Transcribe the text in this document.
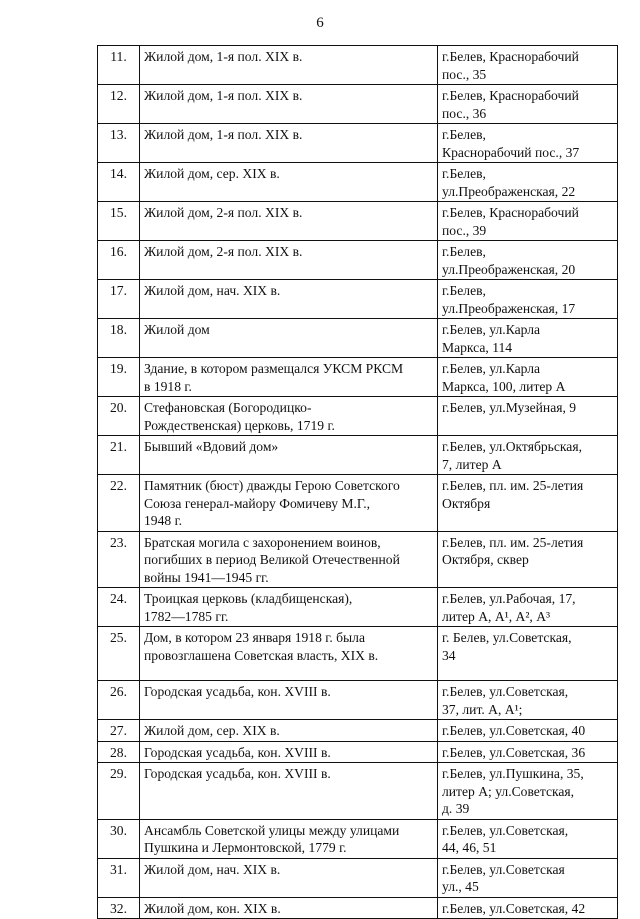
6
11.	Жилой дом, 1-я пол. XIX в.	г.Белев, Краснорабочий
пос., 35
12.	Жилой дом, 1-я пол. XIX в.	г.Белев, Краснорабочий
пос., 36
13.	Жилой дом, 1-я пол. XIX в.	г.Белев,
Краснорабочий пос., 37
14.	Жилой дом, сер. XIX в.	г.Белев,
ул.Преображенская, 22
15.	Жилой дом, 2-я пол. XIX в.	г.Белев, Краснорабочий
пос., 39
16.	Жилой дом, 2-я пол. XIX в.	г.Белев,
ул.Преображенская, 20
17.	Жилой дом, нач. XIX в.	г.Белев,
ул.Преображенская, 17
18.	Жилой дом	г.Белев, ул.Карла
Маркса, 114
19.	Здание, в котором размещался УКСМ РКСМ
в 1918 г.	г.Белев, ул.Карла
Маркса, 100, литер А
20.	Стефановская (Богородицко-
Рождественская) церковь, 1719 г.	г.Белев, ул.Музейная, 9
21.	Бывший «Вдовий дом»	г.Белев, ул.Октябрьская,
7, литер А
22.	Памятник (бюст) дважды Герою Советского
Союза генерал-майору Фомичеву М.Г.,
1948 г.	г.Белев, пл. им. 25-летия
Октября
23.	Братская могила с захоронением воинов,
погибших в период Великой Отечественной
войны 1941—1945 гг.	г.Белев, пл. им. 25-летия
Октября, сквер
24.	Троицкая церковь (кладбищенская),
1782—1785 гг.	г.Белев, ул.Рабочая, 17,
литер А, А¹, А², А³
25.	Дом, в котором 23 января 1918 г. была
провозглашена Советская власть, XIX в.	г. Белев, ул.Советская,
34
26.	Городская усадьба, кон. XVIII в.	г.Белев, ул.Советская,
37, лит. А, А¹;
27.	Жилой дом, сер. XIX в.	г.Белев, ул.Советская, 40
28.	Городская усадьба, кон. XVIII в.	г.Белев, ул.Советская, 36
29.	Городская усадьба, кон. XVIII в.	г.Белев, ул.Пушкина, 35,
литер А; ул.Советская,
д. 39
30.	Ансамбль Советской улицы между улицами
Пушкина и Лермонтовской, 1779 г.	г.Белев, ул.Советская,
44, 46, 51
31.	Жилой дом, нач. XIX в.	г.Белев, ул.Советская
ул., 45
32.	Жилой дом, кон. XIX в.	г.Белев, ул.Советская, 42
